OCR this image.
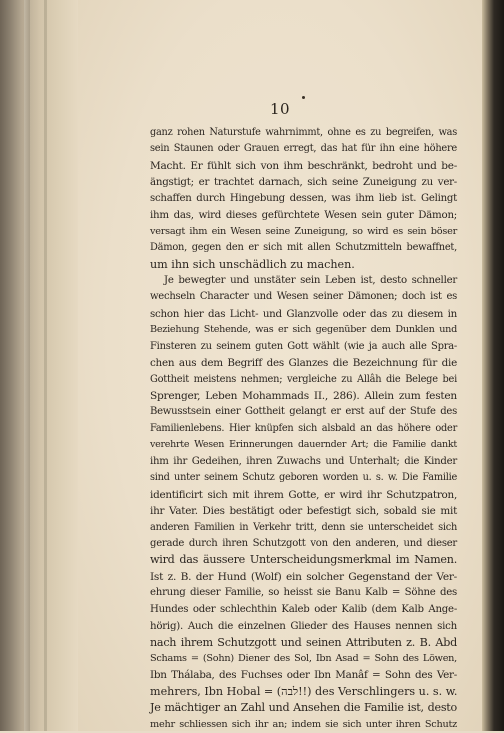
10
ganz rohen Naturstufe wahrnimmt, ohne es zu begreifen, was
sein Staunen oder Grauen erregt, das hat für ihn eine höhere
Macht. Er fühlt sich von ihm beschränkt, bedroht und be-
ängstigt; er trachtet darnach, sich seine Zuneigung zu ver-
schaffen durch Hingebung dessen, was ihm lieb ist. Gelingt
ihm das, wird dieses gefürchtete Wesen sein guter Dämon;
versagt ihm ein Wesen seine Zuneigung, so wird es sein böser
Dämon, gegen den er sich mit allen Schutzmitteln bewaffnet,
um ihn sich unschädlich zu machen.
Je bewegter und unstäter sein Leben ist, desto schneller
wechseln Character und Wesen seiner Dämonen; doch ist es
schon hier das Licht- und Glanzvolle oder das zu diesem in
Beziehung Stehende, was er sich gegenüber dem Dunklen und
Finsteren zu seinem guten Gott wählt (wie ja auch alle Spra-
chen aus dem Begriff des Glanzes die Bezeichnung für die
Gottheit meistens nehmen; vergleiche zu Allâh die Belege bei
Sprenger, Leben Mohammads II., 286). Allein zum festen
Bewusstsein einer Gottheit gelangt er erst auf der Stufe des
Familienlebens. Hier knüpfen sich alsbald an das höhere oder
verehrte Wesen Erinnerungen dauernder Art; die Familie dankt
ihm ihr Gedeihen, ihren Zuwachs und Unterhalt; die Kinder
sind unter seinem Schutz geboren worden u. s. w. Die Familie
identificirt sich mit ihrem Gotte, er wird ihr Schutzpatron,
ihr Vater. Dies bestätigt oder befestigt sich, sobald sie mit
anderen Familien in Verkehr tritt, denn sie unterscheidet sich
gerade durch ihren Schutzgott von den anderen, und dieser
wird das äussere Unterscheidungsmerkmal im Namen.
Ist z. B. der Hund (Wolf) ein solcher Gegenstand der Ver-
ehrung dieser Familie, so heisst sie Banu Kalb = Söhne des
Hundes oder schlechthin Kaleb oder Kalib (dem Kalb Ange-
hörig). Auch die einzelnen Glieder des Hauses nennen sich
nach ihrem Schutzgott und seinen Attributen z. B. Abd
Schams = (Sohn) Diener des Sol, Ibn Asad = Sohn des Löwen,
Ibn Thálaba, des Fuchses oder Ibn Manâf = Sohn des Ver-
mehrers, Ibn Hobal = (לבה!!) des Verschlingers u. s. w.
Je mächtiger an Zahl und Ansehen die Familie ist, desto
mehr schliessen sich ihr an; indem sie sich unter ihren Schutz
